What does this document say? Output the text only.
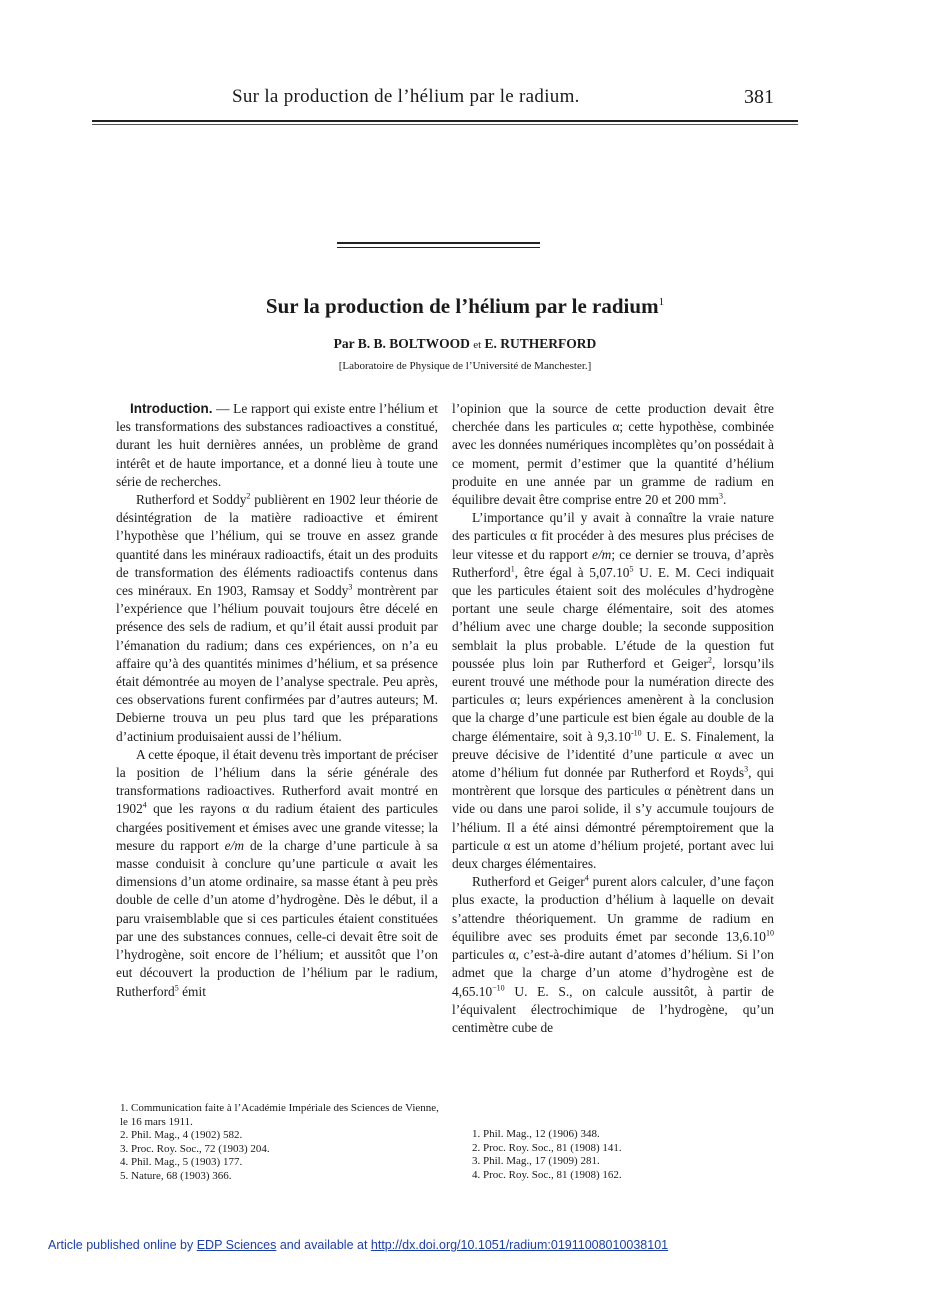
Sur la production de l’hélium par le radium.	381
Sur la production de l’hélium par le radium$^1$
Par B. B. BOLTWOOD et E. RUTHERFORD
[Laboratoire de Physique de l’Université de Manchester.]

Introduction. — Le rapport qui existe entre l’hélium et les transformations des substances radioactives a constitué, durant les huit dernières années, un problème de grand intérêt et de haute importance, et a donné lieu à toute une série de recherches.

Rutherford et Soddy$^2$ publièrent en 1902 leur théorie de désintégration de la matière radioactive et émirent l’hypothèse que l’hélium, qui se trouve en assez grande quantité dans les minéraux radioactifs, était un des produits de transformation des éléments radioactifs contenus dans ces minéraux. En 1903, Ramsay et Soddy$^3$ montrèrent par l’expérience que l’hélium pouvait toujours être décelé en présence des sels de radium, et qu’il était aussi produit par l’émanation du radium; dans ces expériences, on n’a eu affaire qu’à des quantités minimes d’hélium, et sa présence était démontrée au moyen de l’analyse spectrale. Peu après, ces observations furent confirmées par d’autres auteurs; M. Debierne trouva un peu plus tard que les préparations d’actinium produisaient aussi de l’hélium.

A cette époque, il était devenu très important de préciser la position de l’hélium dans la série générale des transformations radioactives. Rutherford avait montré en 1902$^4$ que les rayons α du radium étaient des particules chargées positivement et émises avec une grande vitesse; la mesure du rapport e/m de la charge d’une particule à sa masse conduisit à conclure qu’une particule α avait les dimensions d’un atome ordinaire, sa masse étant à peu près double de celle d’un atome d’hydrogène. Dès le début, il a paru vraisemblable que si ces particules étaient constituées par une des substances connues, celle-ci devait être soit de l’hydrogène, soit encore de l’hélium; et aussitôt que l’on eut découvert la production de l’hélium par le radium, Rutherford$^5$ émit

l’opinion que la source de cette production devait être cherchée dans les particules α; cette hypothèse, combinée avec les données numériques incomplètes qu’on possédait à ce moment, permit d’estimer que la quantité d’hélium produite en une année par un gramme de radium en équilibre devait être comprise entre 20 et 200 mm$^3$.

L’importance qu’il y avait à connaître la vraie nature des particules α fit procéder à des mesures plus précises de leur vitesse et du rapport e/m; ce dernier se trouva, d’après Rutherford$^1$, être égal à 5,07.10$^5$ U. E. M. Ceci indiquait que les particules étaient soit des molécules d’hydrogène portant une seule charge élémentaire, soit des atomes d’hélium avec une charge double; la seconde supposition semblait la plus probable. L’étude de la question fut poussée plus loin par Rutherford et Geiger$^2$, lorsqu’ils eurent trouvé une méthode pour la numération directe des particules α; leurs expériences amenèrent à la conclusion que la charge d’une particule est bien égale au double de la charge élémentaire, soit à 9,3.10$^{-10}$ U. E. S. Finalement, la preuve décisive de l’identité d’une particule α avec un atome d’hélium fut donnée par Rutherford et Royds$^3$, qui montrèrent que lorsque des particules α pénètrent dans un vide ou dans une paroi solide, il s’y accumule toujours de l’hélium. Il a été ainsi démontré péremptoirement que la particule α est un atome d’hélium projeté, portant avec lui deux charges élémentaires.

Rutherford et Geiger$^4$ purent alors calculer, d’une façon plus exacte, la production d’hélium à laquelle on devait s’attendre théoriquement. Un gramme de radium en équilibre avec ses produits émet par seconde 13,6.10$^{10}$ particules α, c’est-à-dire autant d’atomes d’hélium. Si l’on admet que la charge d’un atome d’hydrogène est de 4,65.10$^{-10}$ U. E. S., on calcule aussitôt, à partir de l’équivalent électrochimique de l’hydrogène, qu’un centimètre cube de

1. Communication faite à l’Académie Impériale des Sciences de Vienne, le 16 mars 1911.
2. Phil. Mag., 4 (1902) 582.
3. Proc. Roy. Soc., 72 (1903) 204.
4. Phil. Mag., 5 (1903) 177.
5. Nature, 68 (1903) 366.
1. Phil. Mag., 12 (1906) 348.
2. Proc. Roy. Soc., 81 (1908) 141.
3. Phil. Mag., 17 (1909) 281.
4. Proc. Roy. Soc., 81 (1908) 162.
Article published online by EDP Sciences and available at http://dx.doi.org/10.1051/radium:01911008010038101
